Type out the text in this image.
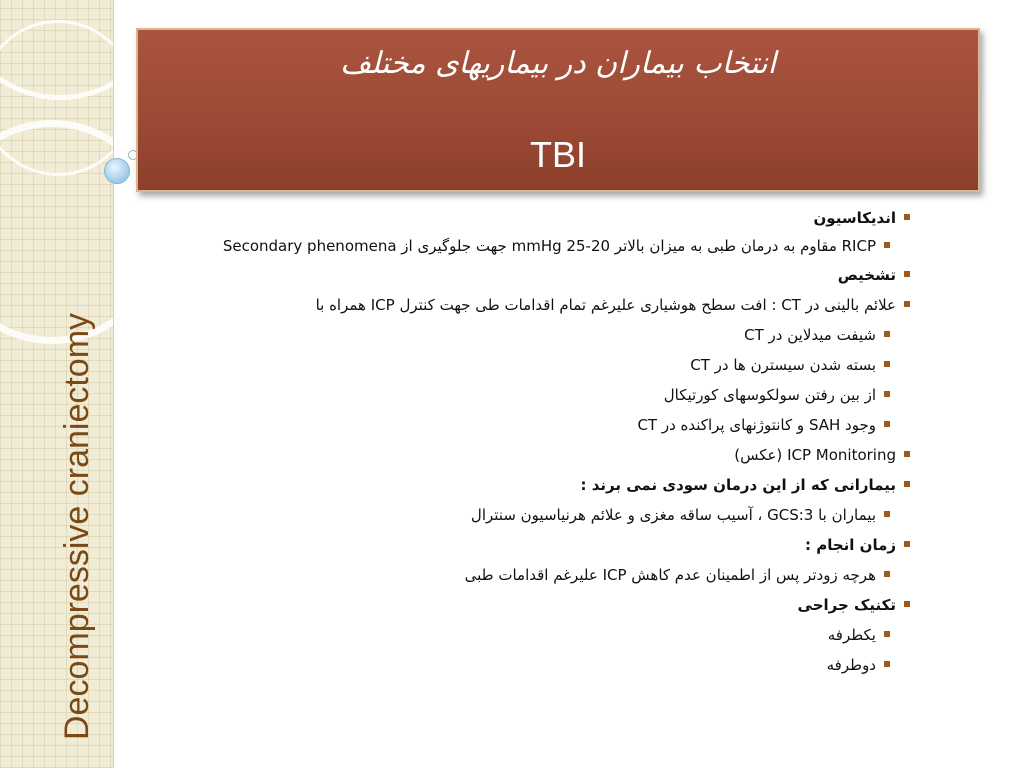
Decompressive craniectomy
انتخاب بیماران در بیماریهای مختلف
TBI
اندیکاسیون
RICP مقاوم به درمان طبی به میزان بالاتر 20-25 mmHg جهت جلوگیری از Secondary phenomena
تشخیص
علائم بالینی در CT : افت سطح هوشیاری علیرغم تمام اقدامات طی جهت کنترل ICP همراه با
شیفت میدلاین در CT
بسته شدن سیسترن ها در CT
از بین رفتن سولکوسهای کورتیکال
وجود SAH و کانتوژنهای پراکنده در CT
ICP Monitoring (عکس)
بیمارانی که از این درمان سودی نمی برند :
بیماران با GCS:3 ، آسیب ساقه مغزی و علائم هرنیاسیون سنترال
زمان انجام :
هرچه زودتر پس از اطمینان عدم کاهش ICP علیرغم اقدامات طبی
تکنیک جراحی
یکطرفه
دوطرفه
